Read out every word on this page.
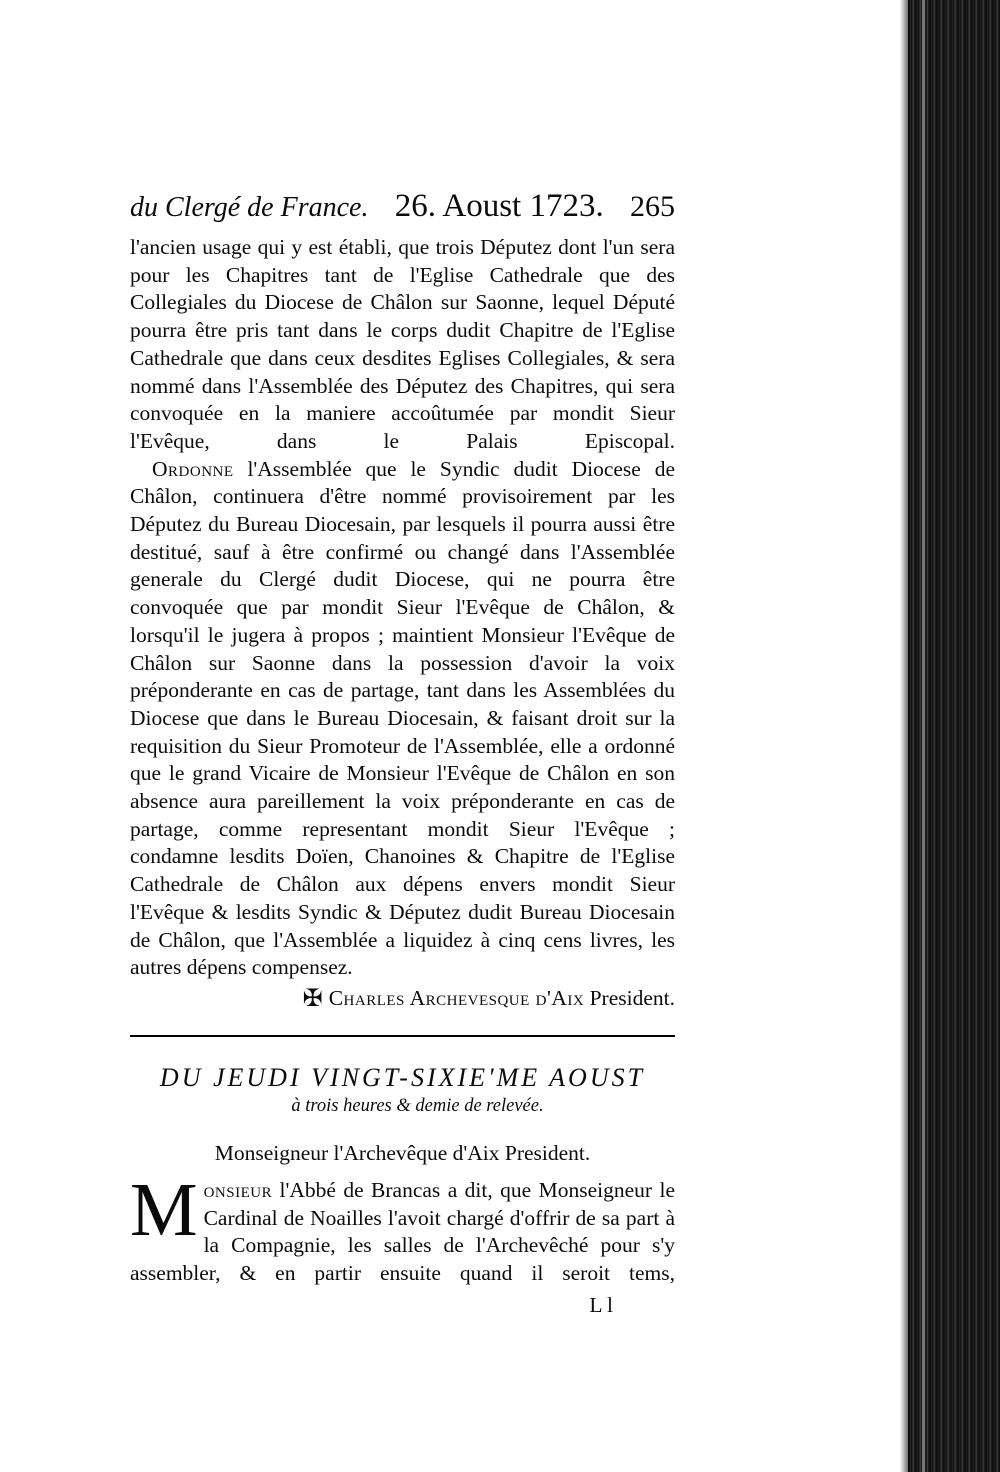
du Clergé de France. 26. Aoust 1723. 265

l'ancien usage qui y est établi, que trois Députez dont l'un sera pour les Chapitres tant de l'Eglise Cathedrale que des Collegiales du Diocese de Châlon sur Saonne, lequel Député pourra être pris tant dans le corps dudit Chapitre de l'Eglise Cathedrale que dans ceux desdites Eglises Collegiales, & sera nommé dans l'Assemblée des Députez des Chapitres, qui sera convoquée en la maniere accoûtumée par mondit Sieur l'Evêque, dans le Palais Episcopal.

Ordonne l'Assemblée que le Syndic dudit Diocese de Châlon, continuera d'être nommé provisoirement par les Députez du Bureau Diocesain, par lesquels il pourra aussi être destitué, sauf à être confirmé ou changé dans l'Assemblée generale du Clergé dudit Diocese, qui ne pourra être convoquée que par mondit Sieur l'Evêque de Châlon, & lorsqu'il le jugera à propos ; maintient Monsieur l'Evêque de Châlon sur Saonne dans la possession d'avoir la voix préponderante en cas de partage, tant dans les Assemblées du Diocese que dans le Bureau Diocesain, & faisant droit sur la requisition du Sieur Promoteur de l'Assemblée, elle a ordonné que le grand Vicaire de Monsieur l'Evêque de Châlon en son absence aura pareillement la voix préponderante en cas de partage, comme representant mondit Sieur l'Evêque ; condamne lesdits Doïen, Chanoines & Chapitre de l'Eglise Cathedrale de Châlon aux dépens envers mondit Sieur l'Evêque & lesdits Syndic & Députez dudit Bureau Diocesain de Châlon, que l'Assemblée a liquidez à cinq cens livres, les autres dépens compensez.

✠ Charles Archevesque d'Aix President.
DU JEUDI VINGT-SIXIE'ME AOUST
à trois heures & demie de relevée.
Monseigneur l'Archevêque d'Aix President.

M onsieur l'Abbé de Brancas a dit, que Monseigneur le Cardinal de Noailles l'avoit chargé d'offrir de sa part à la Compagnie, les salles de l'Archevêché pour s'y assembler, & en partir ensuite quand il seroit tems,

L l
